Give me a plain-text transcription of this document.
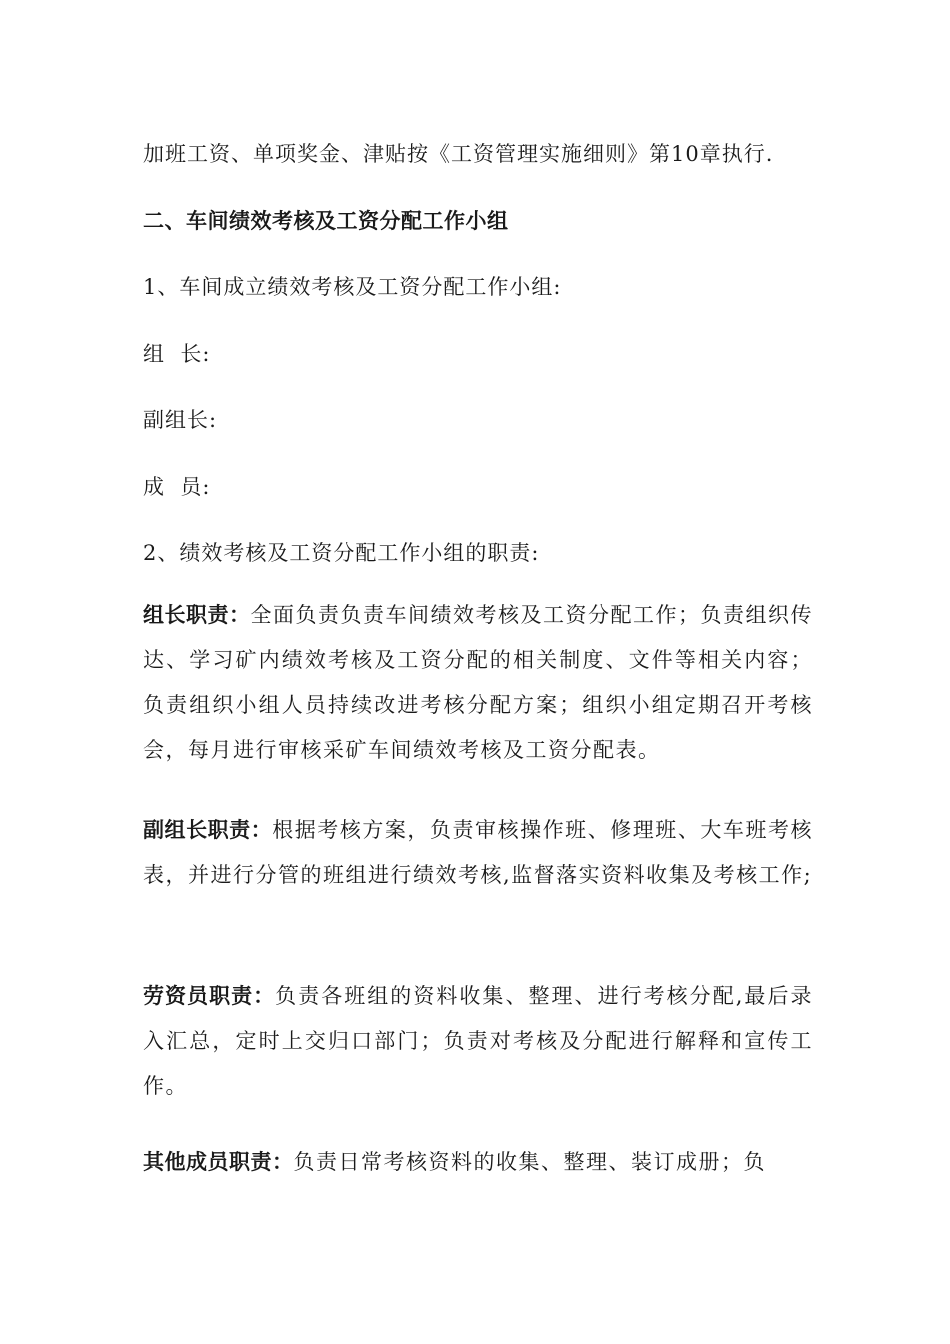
加班工资、单项奖金、津贴按《工资管理实施细则》第10章执行.
二、车间绩效考核及工资分配工作小组
1、车间成立绩效考核及工资分配工作小组:
组  长:
副组长:
成  员:
2、绩效考核及工资分配工作小组的职责:
组长职责：全面负责负责车间绩效考核及工资分配工作；负责组织传达、学习矿内绩效考核及工资分配的相关制度、文件等相关内容；负责组织小组人员持续改进考核分配方案；组织小组定期召开考核会，每月进行审核采矿车间绩效考核及工资分配表。
副组长职责：根据考核方案，负责审核操作班、修理班、大车班考核表，并进行分管的班组进行绩效考核,监督落实资料收集及考核工作;
劳资员职责：负责各班组的资料收集、整理、进行考核分配,最后录入汇总，定时上交归口部门；负责对考核及分配进行解释和宣传工作。
其他成员职责：负责日常考核资料的收集、整理、装订成册；负
